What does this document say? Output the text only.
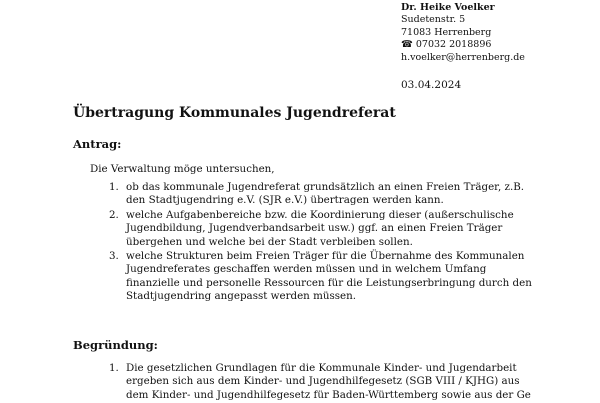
Dr. Heike Voelker
Sudetenstr. 5
71083 Herrenberg
☎ 07032 2018896
h.voelker@herrenberg.de
03.04.2024
Übertragung Kommunales Jugendreferat
Antrag:
Die Verwaltung möge untersuchen,
1. ob das kommunale Jugendreferat grundsätzlich an einen Freien Träger, z.B. den Stadtjugendring e.V. (SJR e.V.) übertragen werden kann.
2. welche Aufgabenbereiche bzw. die Koordinierung dieser (außerschulische Jugendbildung, Jugendverbandsarbeit usw.) ggf. an einen Freien Träger übergehen und welche bei der Stadt verbleiben sollen.
3. welche Strukturen beim Freien Träger für die Übernahme des Kommunalen Jugendreferates geschaffen werden müssen und in welchem Umfang finanzielle und personelle Ressourcen für die Leistungserbringung durch den Stadtjugendring angepasst werden müssen.
Begründung:
1. Die gesetzlichen Grundlagen für die Kommunale Kinder- und Jugendarbeit ergeben sich aus dem Kinder- und Jugendhilfegesetz (SGB VIII / KJHG) aus dem Kinder- und Jugendhilfegesetz für Baden-Württemberg sowie aus der Ge
